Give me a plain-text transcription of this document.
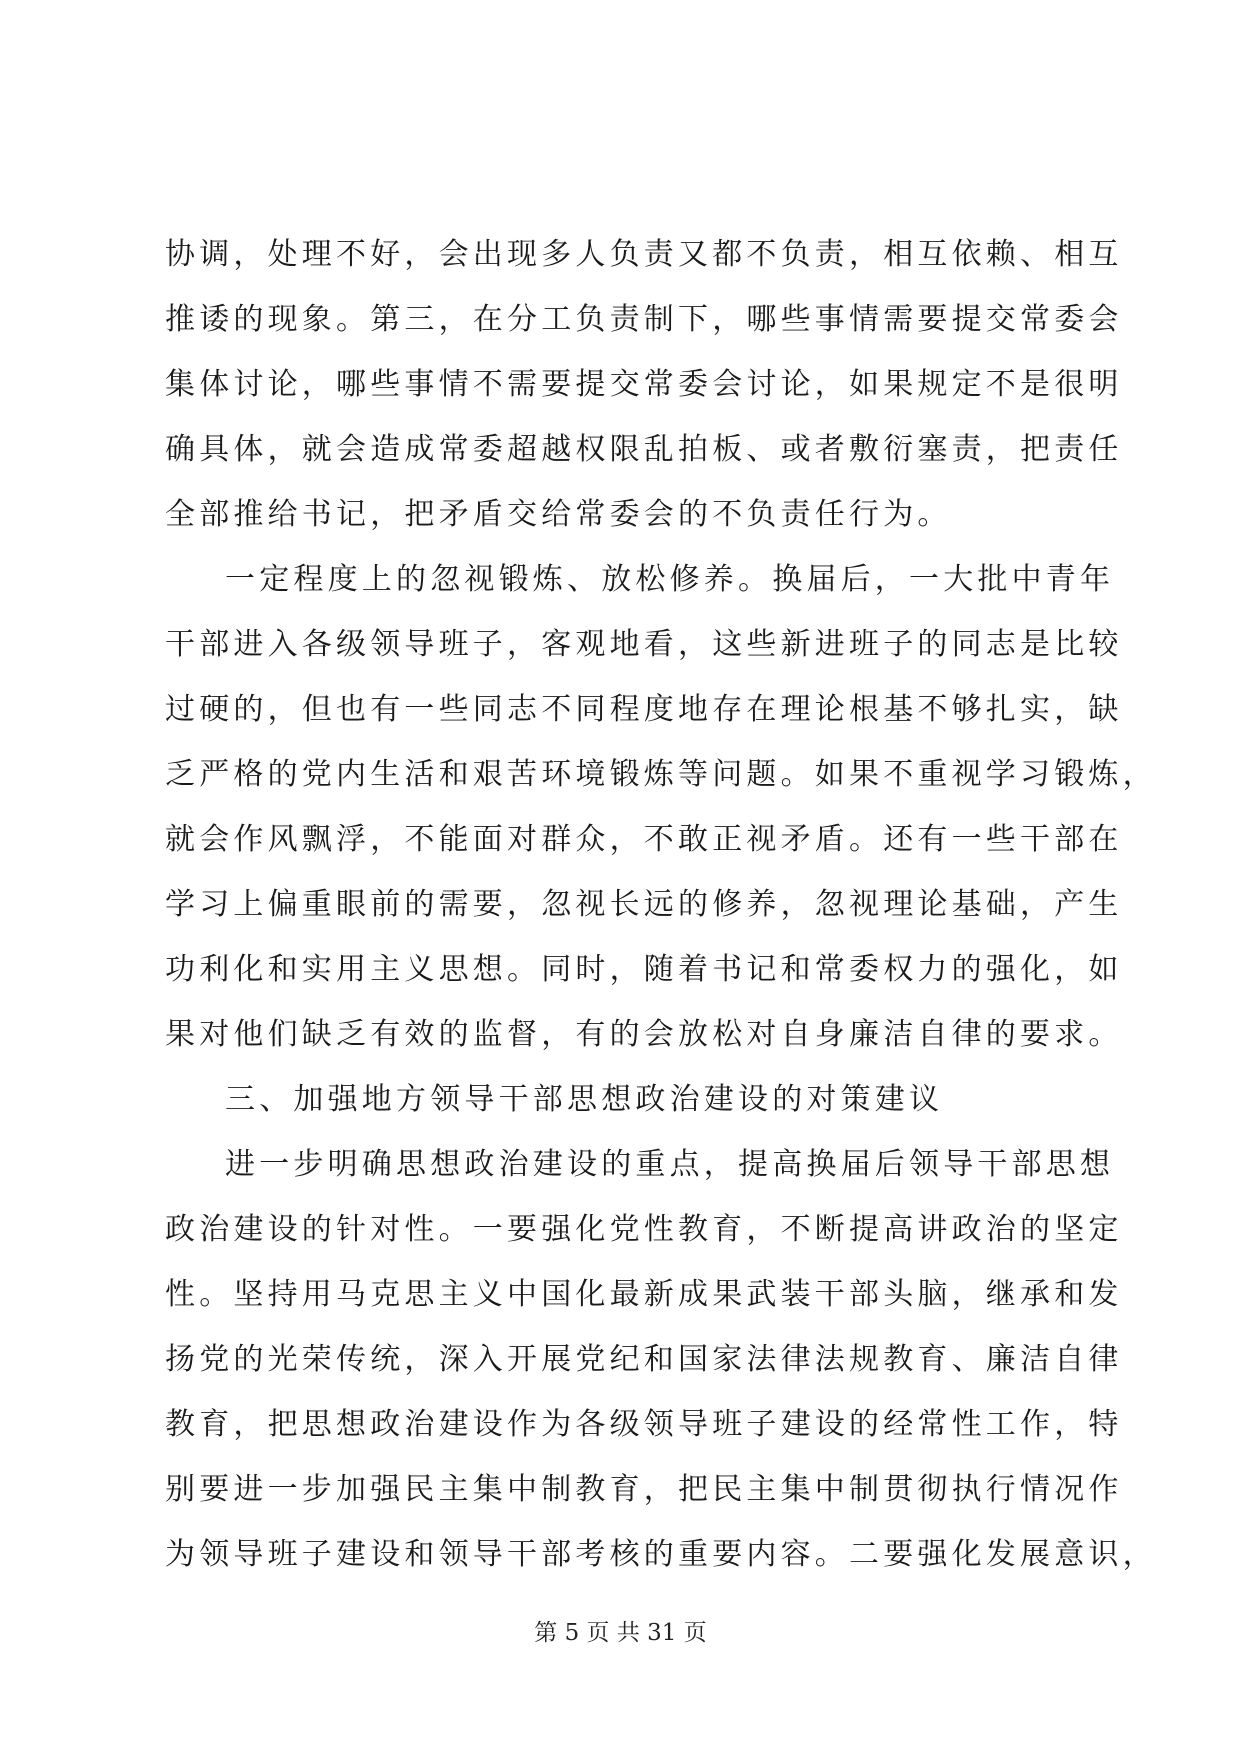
协调，处理不好，会出现多人负责又都不负责，相互依赖、相互
推诿的现象。第三，在分工负责制下，哪些事情需要提交常委会
集体讨论，哪些事情不需要提交常委会讨论，如果规定不是很明
确具体，就会造成常委超越权限乱拍板、或者敷衍塞责，把责任
全部推给书记，把矛盾交给常委会的不负责任行为。
一定程度上的忽视锻炼、放松修养。换届后，一大批中青年
干部进入各级领导班子，客观地看，这些新进班子的同志是比较
过硬的，但也有一些同志不同程度地存在理论根基不够扎实，缺
乏严格的党内生活和艰苦环境锻炼等问题。如果不重视学习锻炼，
就会作风飘浮，不能面对群众，不敢正视矛盾。还有一些干部在
学习上偏重眼前的需要，忽视长远的修养，忽视理论基础，产生
功利化和实用主义思想。同时，随着书记和常委权力的强化，如
果对他们缺乏有效的监督，有的会放松对自身廉洁自律的要求。
三、加强地方领导干部思想政治建设的对策建议
进一步明确思想政治建设的重点，提高换届后领导干部思想
政治建设的针对性。一要强化党性教育，不断提高讲政治的坚定
性。坚持用马克思主义中国化最新成果武装干部头脑，继承和发
扬党的光荣传统，深入开展党纪和国家法律法规教育、廉洁自律
教育，把思想政治建设作为各级领导班子建设的经常性工作，特
别要进一步加强民主集中制教育，把民主集中制贯彻执行情况作
为领导班子建设和领导干部考核的重要内容。二要强化发展意识，
第 5 页 共 31 页
